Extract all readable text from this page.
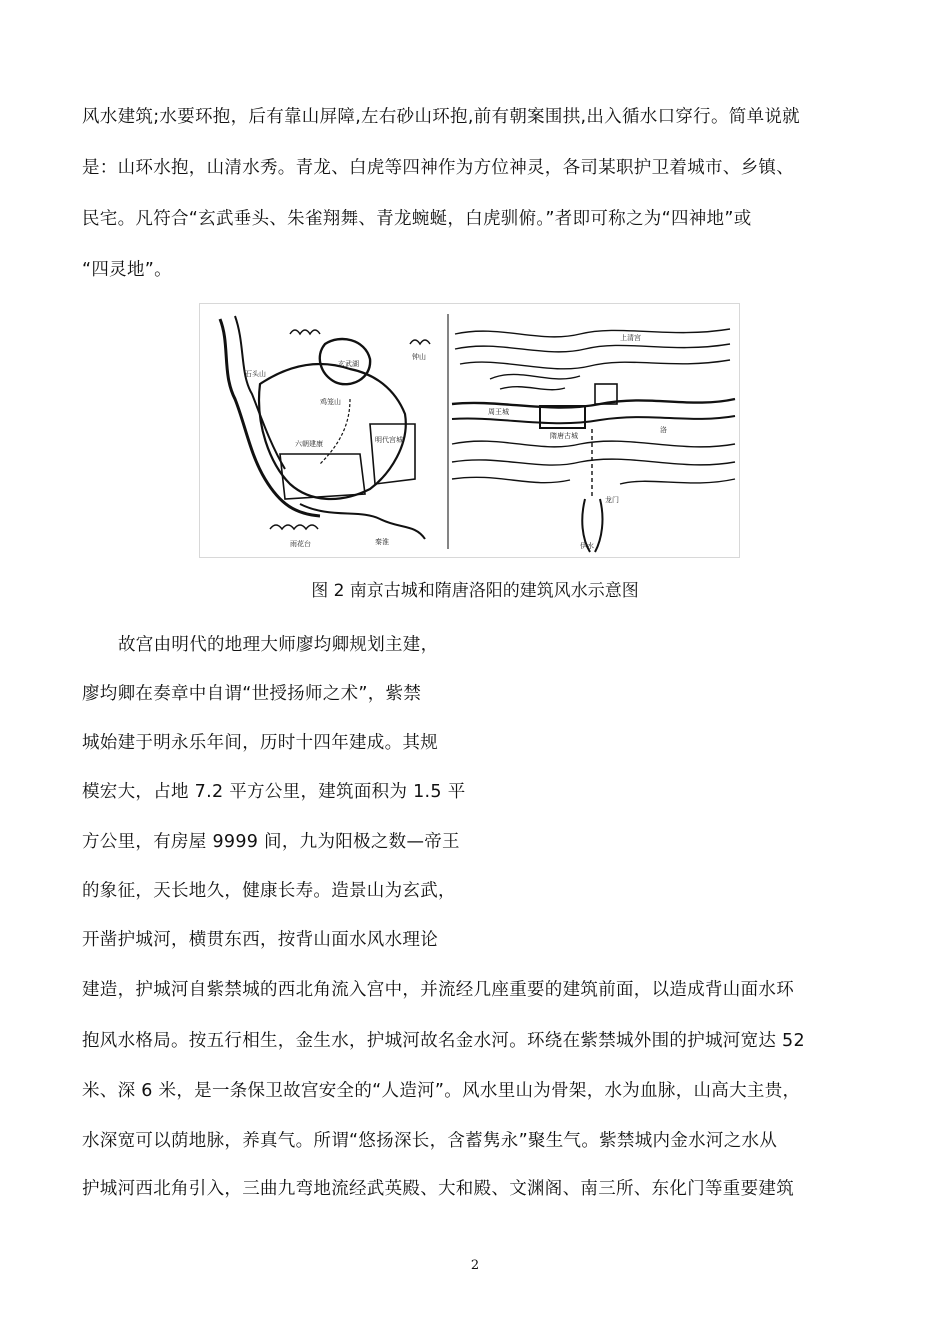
风水建筑;水要环抱，后有靠山屏障,左右砂山环抱,前有朝案围拱,出入循水口穿行。简单说就
是：山环水抱，山清水秀。青龙、白虎等四神作为方位神灵，各司某职护卫着城市、乡镇、
民宅。凡符合“玄武垂头、朱雀翔舞、青龙蜿蜒，白虎驯俯。”者即可称之为“四神地”或
“四灵地”。
玄武湖
鸡笼山
石头山
明代宫城
六朝建康
钟山
雨花台	秦淮
上清宫
隋唐古城
洛
龙门
伊水
周王城
图 2 南京古城和隋唐洛阳的建筑风水示意图
故宫由明代的地理大师廖均卿规划主建，
廖均卿在奏章中自谓“世授扬师之术”，紫禁
城始建于明永乐年间，历时十四年建成。其规
模宏大，占地 7.2 平方公里，建筑面积为 1.5 平
方公里，有房屋 9999 间，九为阳极之数—帝王
的象征，天长地久，健康长寿。造景山为玄武，
开凿护城河，横贯东西，按背山面水风水理论
建造，护城河自紫禁城的西北角流入宫中，并流经几座重要的建筑前面，以造成背山面水环
抱风水格局。按五行相生，金生水，护城河故名金水河。环绕在紫禁城外围的护城河宽达 52
米、深 6 米，是一条保卫故宫安全的“人造河”。风水里山为骨架，水为血脉，山高大主贵，
水深宽可以荫地脉，养真气。所谓“悠扬深长，含蓄隽永”聚生气。紫禁城内金水河之水从
护城河西北角引入，三曲九弯地流经武英殿、大和殿、文渊阁、南三所、东化门等重要建筑
2
